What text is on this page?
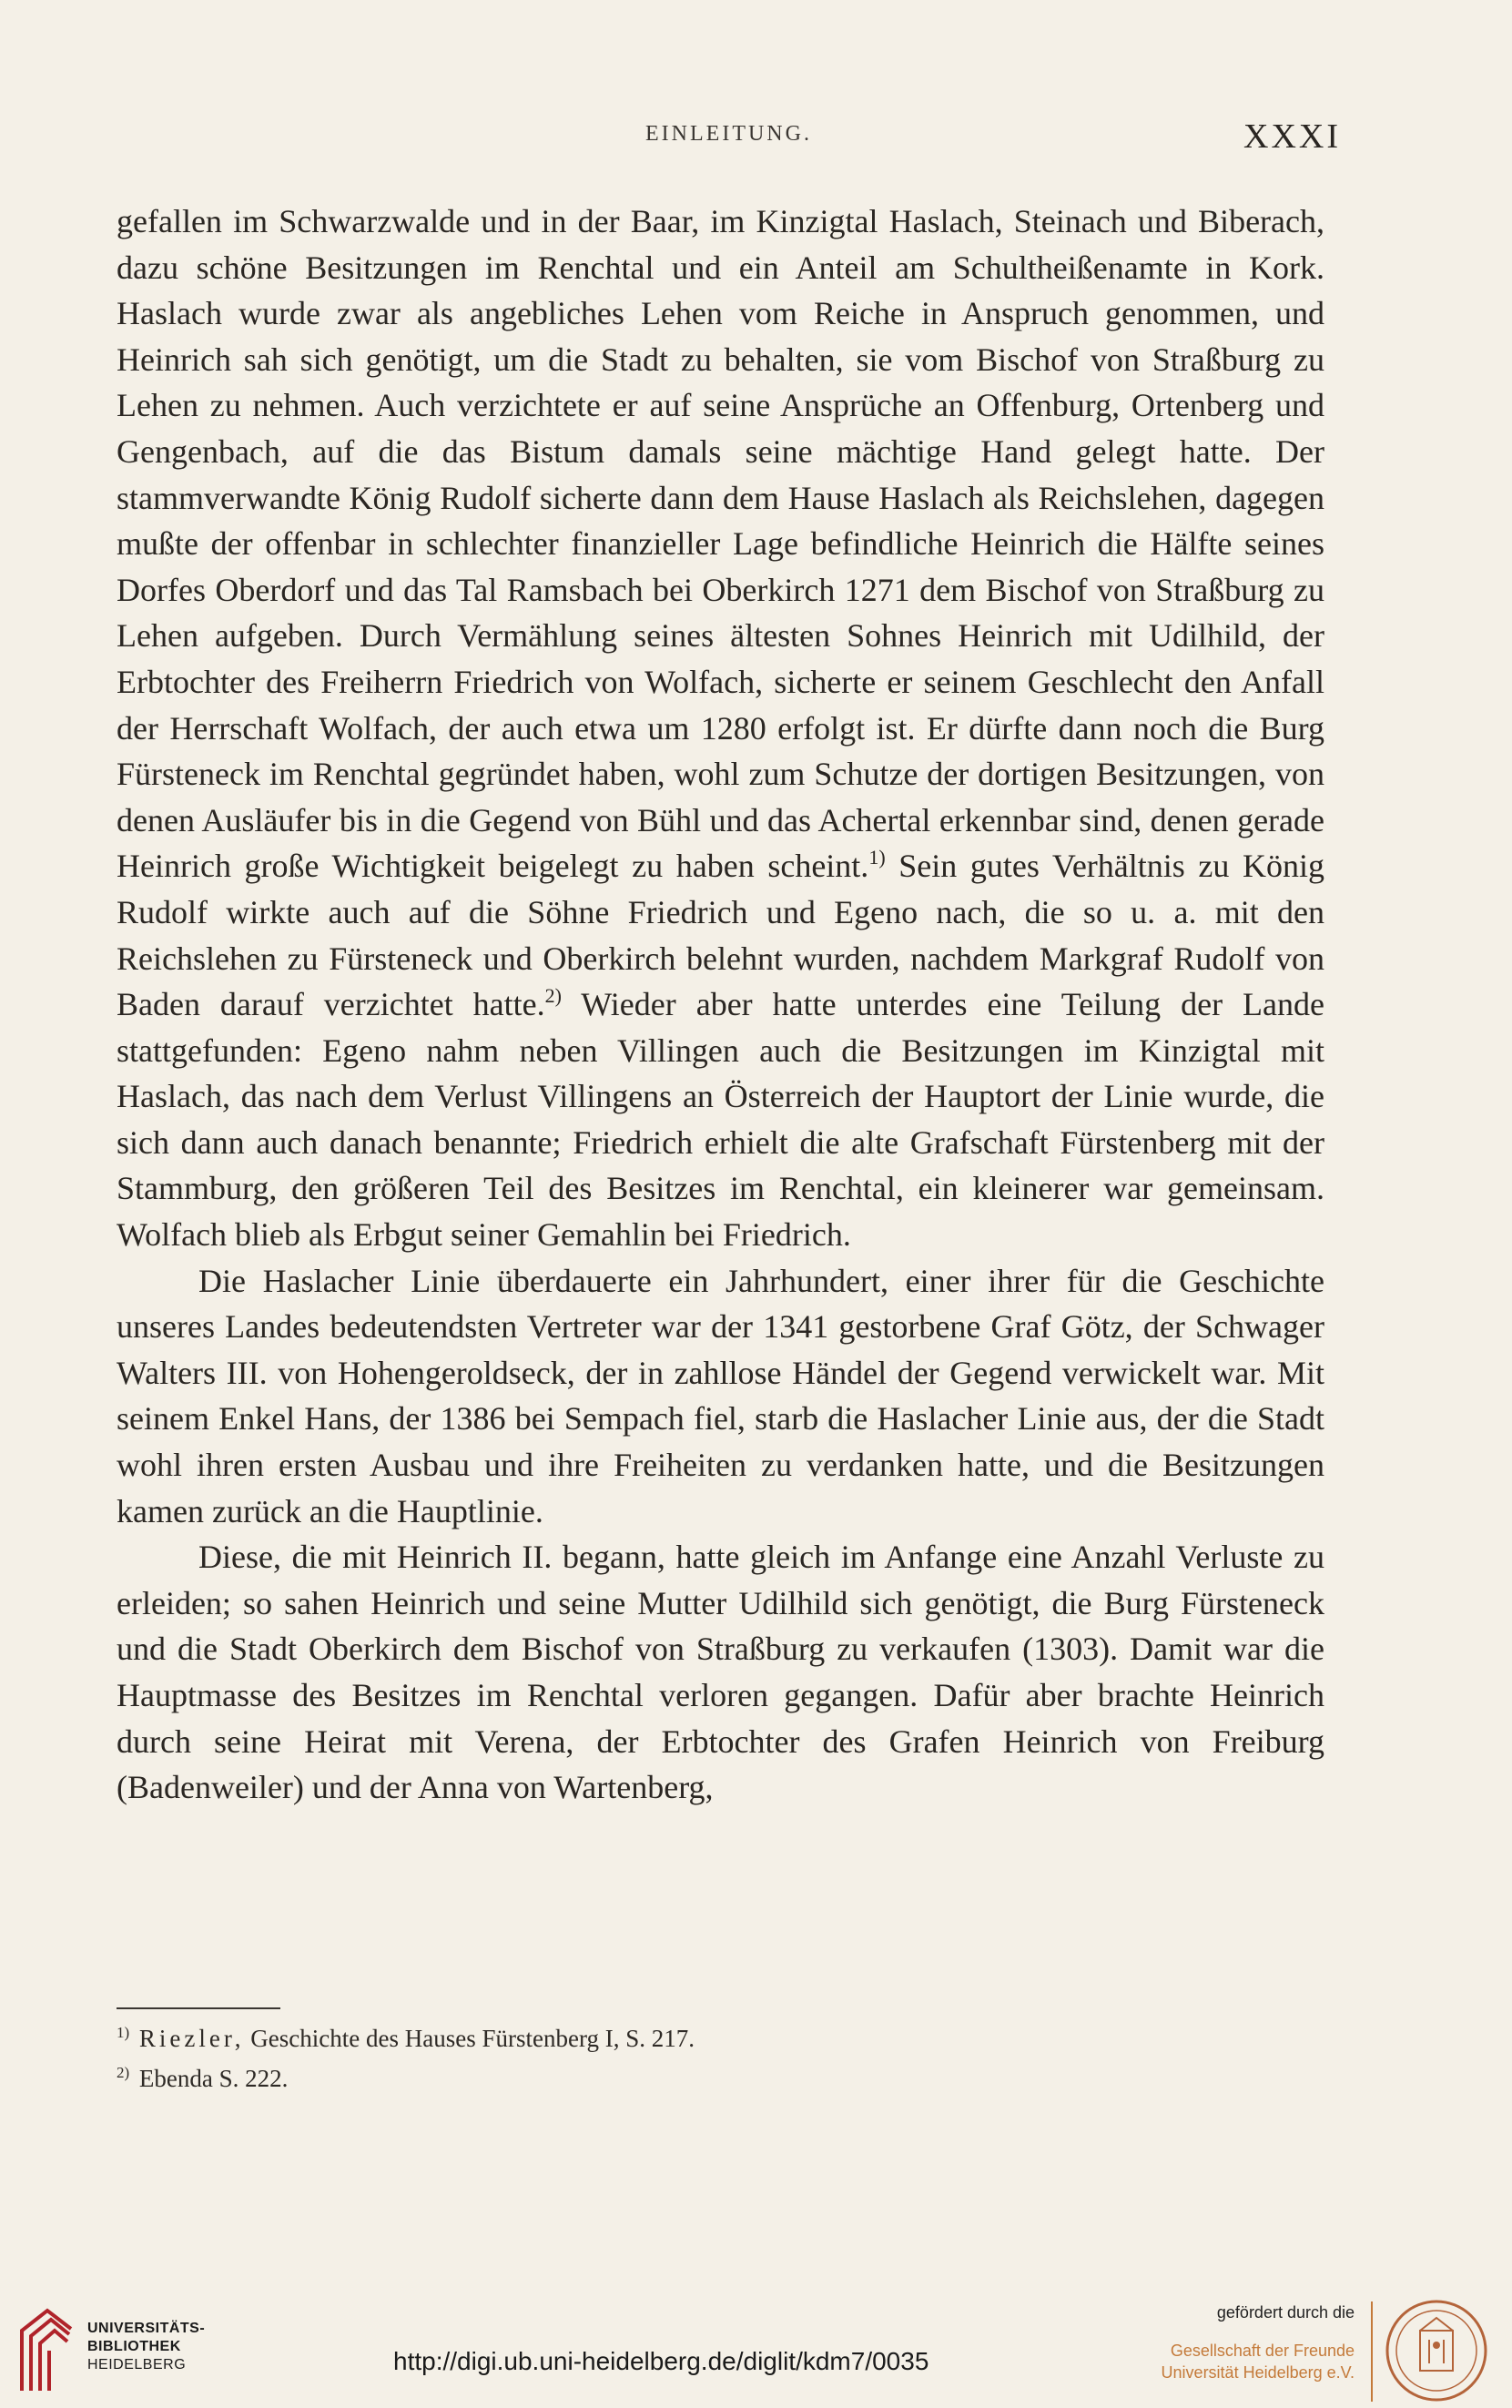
EINLEITUNG.	XXXI

gefallen im Schwarzwalde und in der Baar, im Kinzigtal Haslach, Steinach und Biberach, dazu schöne Besitzungen im Renchtal und ein Anteil am Schultheißenamte in Kork. Haslach wurde zwar als angebliches Lehen vom Reiche in Anspruch genommen, und Heinrich sah sich genötigt, um die Stadt zu behalten, sie vom Bischof von Straßburg zu Lehen zu nehmen. Auch verzichtete er auf seine Ansprüche an Offenburg, Ortenberg und Gengenbach, auf die das Bistum damals seine mächtige Hand gelegt hatte. Der stammverwandte König Rudolf sicherte dann dem Hause Haslach als Reichslehen, dagegen mußte der offenbar in schlechter finanzieller Lage befindliche Heinrich die Hälfte seines Dorfes Oberdorf und das Tal Ramsbach bei Oberkirch 1271 dem Bischof von Straßburg zu Lehen aufgeben. Durch Vermählung seines ältesten Sohnes Heinrich mit Udilhild, der Erbtochter des Freiherrn Friedrich von Wolfach, sicherte er seinem Geschlecht den Anfall der Herrschaft Wolfach, der auch etwa um 1280 erfolgt ist. Er dürfte dann noch die Burg Fürsteneck im Renchtal gegründet haben, wohl zum Schutze der dortigen Besitzungen, von denen Ausläufer bis in die Gegend von Bühl und das Achertal erkennbar sind, denen gerade Heinrich große Wichtigkeit beigelegt zu haben scheint.$^{1)}$ Sein gutes Verhältnis zu König Rudolf wirkte auch auf die Söhne Friedrich und Egeno nach, die so u. a. mit den Reichslehen zu Fürsteneck und Oberkirch belehnt wurden, nachdem Markgraf Rudolf von Baden darauf verzichtet hatte.$^{2)}$ Wieder aber hatte unterdes eine Teilung der Lande stattgefunden: Egeno nahm neben Villingen auch die Besitzungen im Kinzigtal mit Haslach, das nach dem Verlust Villingens an Österreich der Hauptort der Linie wurde, die sich dann auch danach benannte; Friedrich erhielt die alte Grafschaft Fürstenberg mit der Stammburg, den größeren Teil des Besitzes im Renchtal, ein kleinerer war gemeinsam. Wolfach blieb als Erbgut seiner Gemahlin bei Friedrich.

Die Haslacher Linie überdauerte ein Jahrhundert, einer ihrer für die Geschichte unseres Landes bedeutendsten Vertreter war der 1341 gestorbene Graf Götz, der Schwager Walters III. von Hohengeroldseck, der in zahllose Händel der Gegend verwickelt war. Mit seinem Enkel Hans, der 1386 bei Sempach fiel, starb die Haslacher Linie aus, der die Stadt wohl ihren ersten Ausbau und ihre Freiheiten zu verdanken hatte, und die Besitzungen kamen zurück an die Hauptlinie.

Diese, die mit Heinrich II. begann, hatte gleich im Anfange eine Anzahl Verluste zu erleiden; so sahen Heinrich und seine Mutter Udilhild sich genötigt, die Burg Fürsteneck und die Stadt Oberkirch dem Bischof von Straßburg zu verkaufen (1303). Damit war die Hauptmasse des Besitzes im Renchtal verloren gegangen. Dafür aber brachte Heinrich durch seine Heirat mit Verena, der Erbtochter des Grafen Heinrich von Freiburg (Badenweiler) und der Anna von Wartenberg,

$^{1)}$ Riezler, Geschichte des Hauses Fürstenberg I, S. 217.
$^{2)}$ Ebenda S. 222.
UNIVERSITÄTS-
BIBLIOTHEK
HEIDELBERG	http://digi.ub.uni-heidelberg.de/diglit/kdm7/0035
gefördert durch die
Gesellschaft der Freunde
Universität Heidelberg e.V.
